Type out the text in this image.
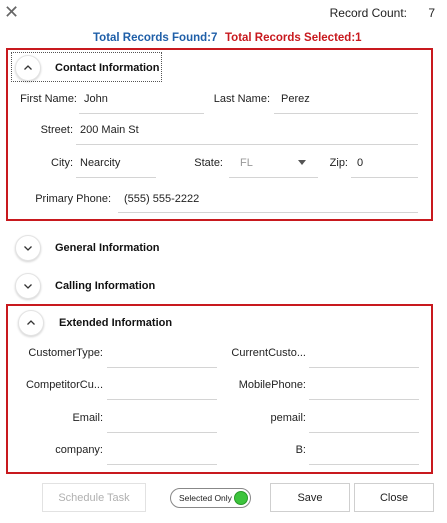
✕	Record Count: 7
Total Records Found:7 Total Records Selected:1
Contact Information
First Name: John	Last Name: Perez
Street: 200 Main St
City: Nearcity	State: FL	Zip: 0
Primary Phone: (555) 555-2222
General Information
Calling Information
Extended Information
CustomerType:	CurrentCusto...
CompetitorCu...	MobilePhone:
Email:	pemail:
company:	B:
Schedule Task	Selected Only	Save	Close
